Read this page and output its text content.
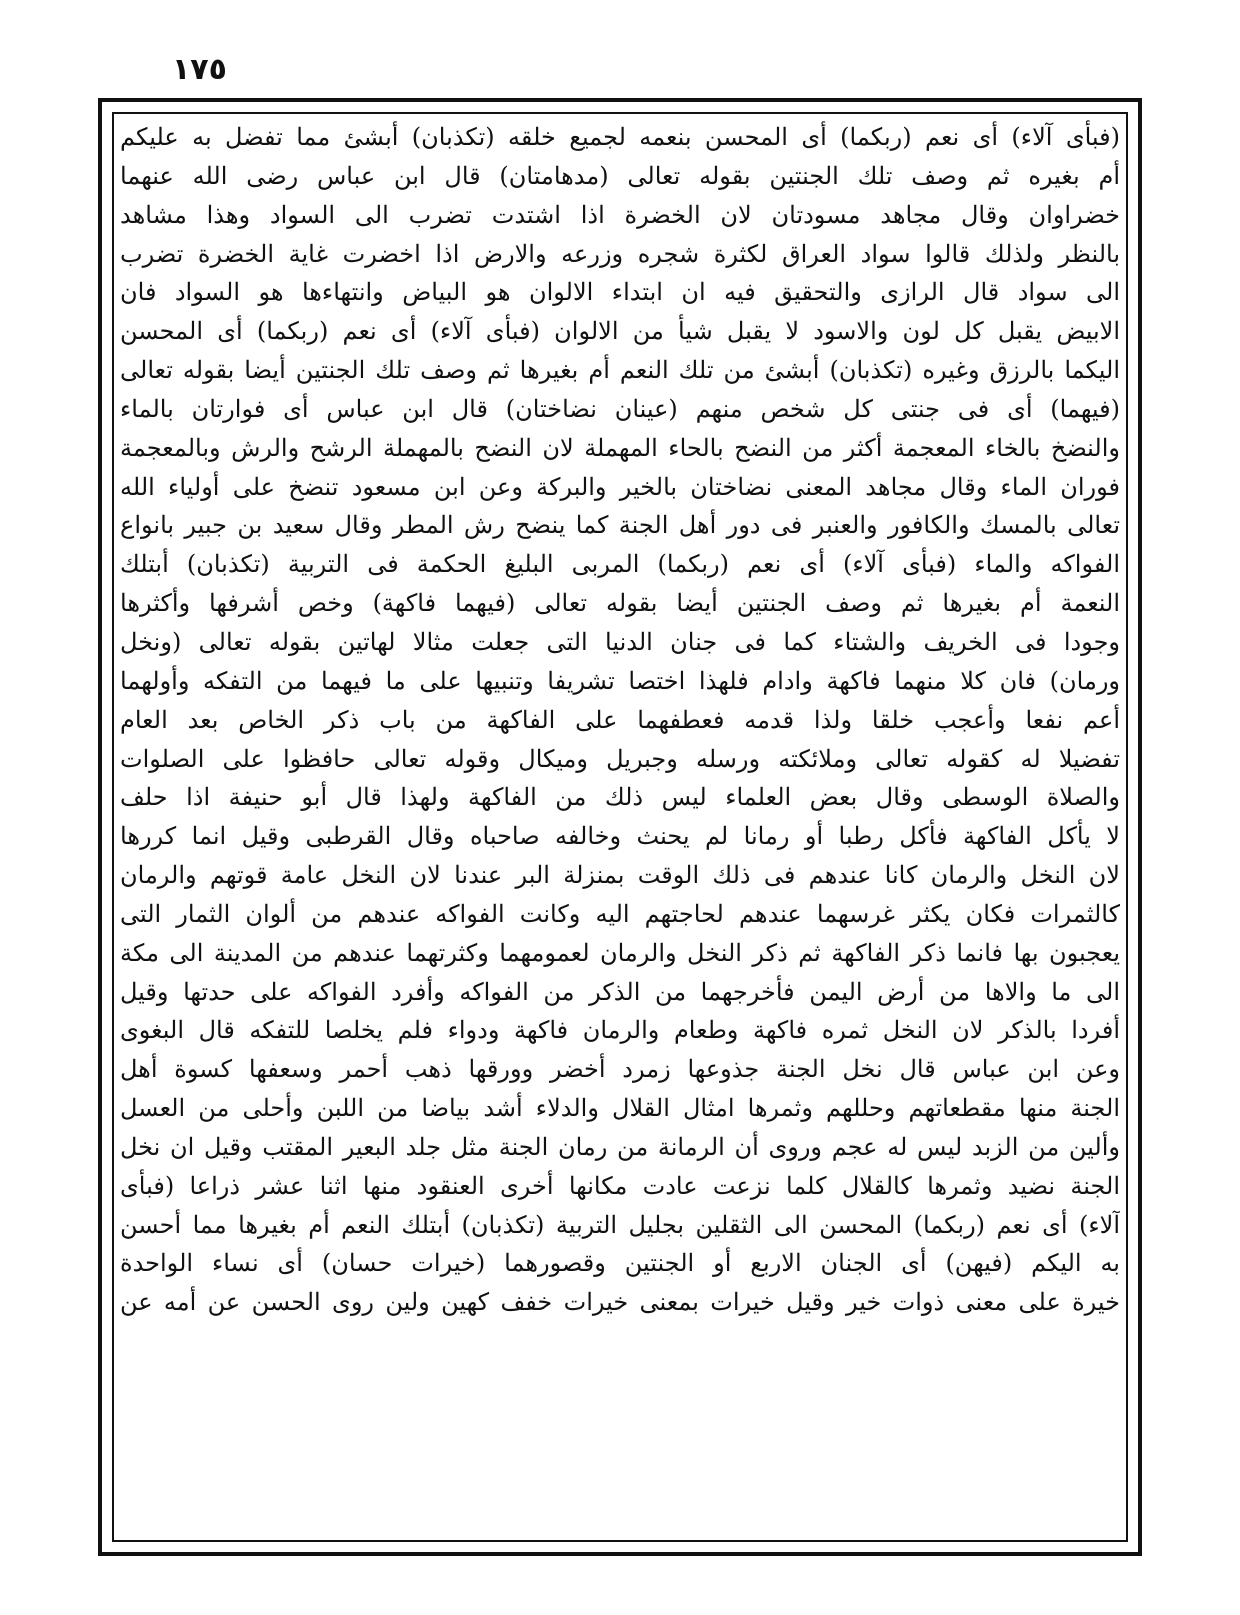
١٧٥
(فبأى آلاء) أى نعم (ربكما) أى المحسن بنعمه لجميع خلقه (تكذبان) أبشئ مما تفضل به عليكم
أم بغيره ثم وصف تلك الجنتين بقوله تعالى (مدهامتان) قال ابن عباس رضى الله عنهما
خضراوان وقال مجاهد مسودتان لان الخضرة اذا اشتدت تضرب الى السواد وهذا مشاهد
بالنظر ولذلك قالوا سواد العراق لكثرة شجره وزرعه والارض اذا اخضرت غاية الخضرة تضرب
الى سواد قال الرازى والتحقيق فيه ان ابتداء الالوان هو البياض وانتهاءها هو السواد فان
الابيض يقبل كل لون والاسود لا يقبل شيأ من الالوان (فبأى آلاء) أى نعم (ربكما) أى المحسن
اليكما بالرزق وغيره (تكذبان) أبشئ من تلك النعم أم بغيرها ثم وصف تلك الجنتين أيضا بقوله تعالى
(فيهما) أى فى جنتى كل شخص منهم (عينان نضاختان) قال ابن عباس أى فوارتان بالماء
والنضخ بالخاء المعجمة أكثر من النضح بالحاء المهملة لان النضح بالمهملة الرشح والرش وبالمعجمة
فوران الماء وقال مجاهد المعنى نضاختان بالخير والبركة وعن ابن مسعود تنضخ على أولياء الله
تعالى بالمسك والكافور والعنبر فى دور أهل الجنة كما ينضح رش المطر وقال سعيد بن جبير بانواع
الفواكه والماء (فبأى آلاء) أى نعم (ربكما) المربى البليغ الحكمة فى التربية (تكذبان) أبتلك
النعمة أم بغيرها ثم وصف الجنتين أيضا بقوله تعالى (فيهما فاكهة) وخص أشرفها وأكثرها
وجودا فى الخريف والشتاء كما فى جنان الدنيا التى جعلت مثالا لهاتين بقوله تعالى (ونخل
ورمان) فان كلا منهما فاكهة وادام فلهذا اختصا تشريفا وتنبيها على ما فيهما من التفكه وأولهما
أعم نفعا وأعجب خلقا ولذا قدمه فعطفهما على الفاكهة من باب ذكر الخاص بعد العام
تفضيلا له كقوله تعالى وملائكته ورسله وجبريل وميكال وقوله تعالى حافظوا على الصلوات
والصلاة الوسطى وقال بعض العلماء ليس ذلك من الفاكهة ولهذا قال أبو حنيفة اذا حلف
لا يأكل الفاكهة فأكل رطبا أو رمانا لم يحنث وخالفه صاحباه وقال القرطبى وقيل انما كررها
لان النخل والرمان كانا عندهم فى ذلك الوقت بمنزلة البر عندنا لان النخل عامة قوتهم والرمان
كالثمرات فكان يكثر غرسهما عندهم لحاجتهم اليه وكانت الفواكه عندهم من ألوان الثمار التى
يعجبون بها فانما ذكر الفاكهة ثم ذكر النخل والرمان لعمومهما وكثرتهما عندهم من المدينة الى مكة
الى ما والاها من أرض اليمن فأخرجهما من الذكر من الفواكه وأفرد الفواكه على حدتها وقيل
أفردا بالذكر لان النخل ثمره فاكهة وطعام والرمان فاكهة ودواء فلم يخلصا للتفكه قال البغوى
وعن ابن عباس قال نخل الجنة جذوعها زمرد أخضر وورقها ذهب أحمر وسعفها كسوة أهل
الجنة منها مقطعاتهم وحللهم وثمرها امثال القلال والدلاء أشد بياضا من اللبن وأحلى من العسل
وألين من الزبد ليس له عجم وروى أن الرمانة من رمان الجنة مثل جلد البعير المقتب وقيل ان نخل
الجنة نضيد وثمرها كالقلال كلما نزعت عادت مكانها أخرى العنقود منها اثنا عشر ذراعا (فبأى
آلاء) أى نعم (ربكما) المحسن الى الثقلين بجليل التربية (تكذبان) أبتلك النعم أم بغيرها مما أحسن
به اليكم (فيهن) أى الجنان الاربع أو الجنتين وقصورهما (خيرات حسان) أى نساء الواحدة
خيرة على معنى ذوات خير وقيل خيرات بمعنى خيرات خفف كهين ولين روى الحسن عن أمه عن
